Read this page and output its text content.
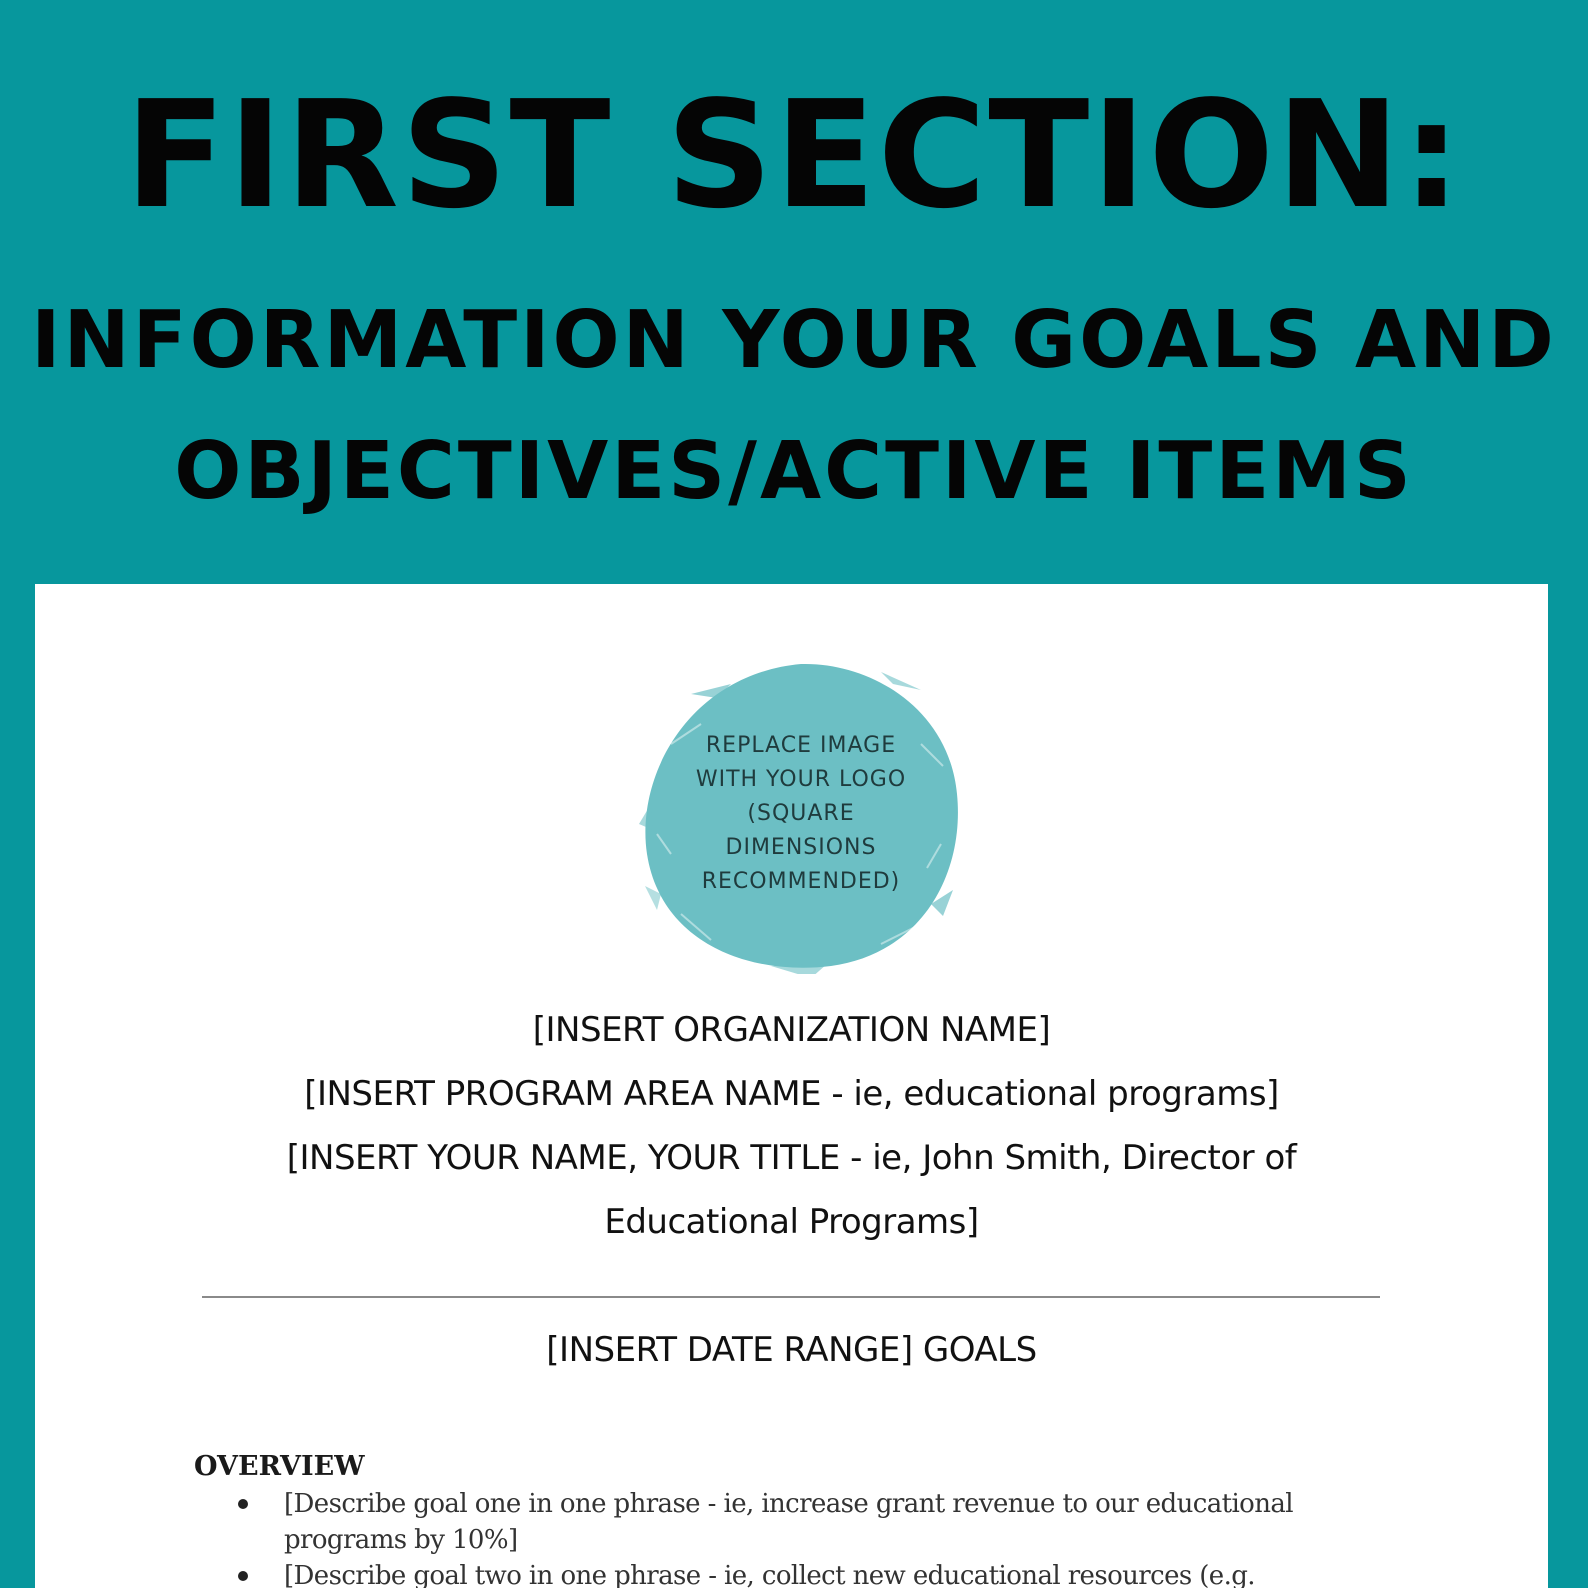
FIRST SECTION:
INFORMATION YOUR GOALS AND
OBJECTIVES/ACTIVE ITEMS
REPLACE IMAGE
WITH YOUR LOGO
(SQUARE
DIMENSIONS
RECOMMENDED)
[INSERT ORGANIZATION NAME]
[INSERT PROGRAM AREA NAME - ie, educational programs]
[INSERT YOUR NAME, YOUR TITLE - ie, John Smith, Director of Educational Programs]
[INSERT DATE RANGE] GOALS
OVERVIEW
[Describe goal one in one phrase - ie, increase grant revenue to our educational programs by 10%]
[Describe goal two in one phrase - ie, collect new educational resources (e.g.
